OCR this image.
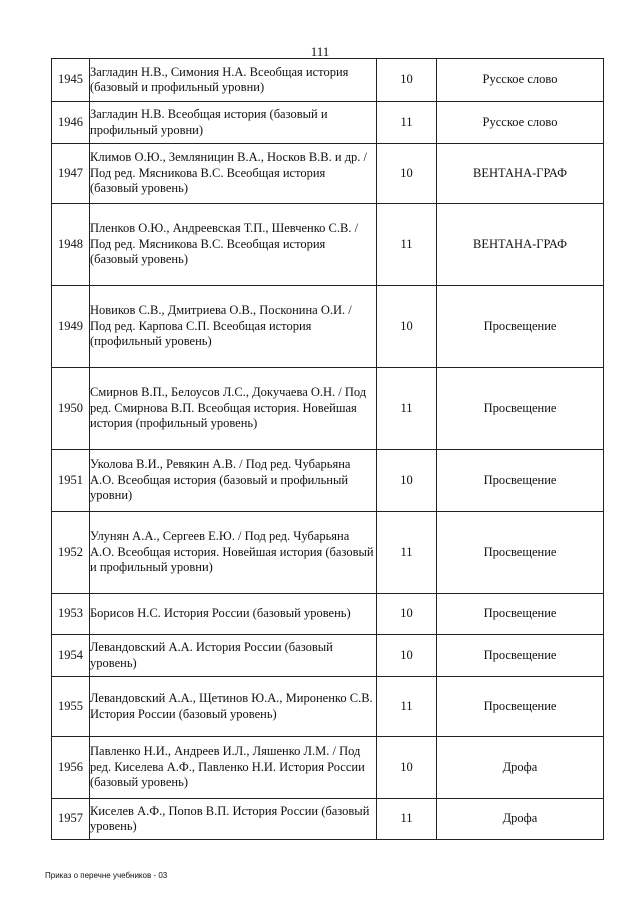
111
1945	Загладин Н.В., Симония Н.А. Всеобщая история (базовый и профильный уровни)	10	Русское слово
1946	Загладин Н.В. Всеобщая история (базовый и профильный уровни)	11	Русское слово
1947	Климов О.Ю., Земляницин В.А., Носков В.В. и др. / Под ред. Мясникова В.С. Всеобщая история (базовый уровень)	10	ВЕНТАНА-ГРАФ
1948	Пленков О.Ю., Андреевская Т.П., Шевченко С.В. / Под ред. Мясникова В.С. Всеобщая история (базовый уровень)	11	ВЕНТАНА-ГРАФ
1949	Новиков С.В., Дмитриева О.В., Посконина О.И. / Под ред. Карпова С.П. Всеобщая история (профильный уровень)	10	Просвещение
1950	Смирнов В.П., Белоусов Л.С., Докучаева О.Н. / Под ред. Смирнова В.П. Всеобщая история. Новейшая история (профильный уровень)	11	Просвещение
1951	Уколова В.И., Ревякин А.В. / Под ред. Чубарьяна А.О. Всеобщая история (базовый и профильный уровни)	10	Просвещение
1952	Улунян А.А., Сергеев Е.Ю. / Под ред. Чубарьяна А.О. Всеобщая история. Новейшая история (базовый и профильный уровни)	11	Просвещение
1953	Борисов Н.С. История России (базовый уровень)	10	Просвещение
1954	Левандовский А.А. История России (базовый уровень)	10	Просвещение
1955	Левандовский А.А., Щетинов Ю.А., Мироненко С.В. История России (базовый уровень)	11	Просвещение
1956	Павленко Н.И., Андреев И.Л., Ляшенко Л.М. / Под ред. Киселева А.Ф., Павленко Н.И. История России (базовый уровень)	10	Дрофа
1957	Киселев А.Ф., Попов В.П. История России (базовый уровень)	11	Дрофа
Приказ о перечне учебников - 03
